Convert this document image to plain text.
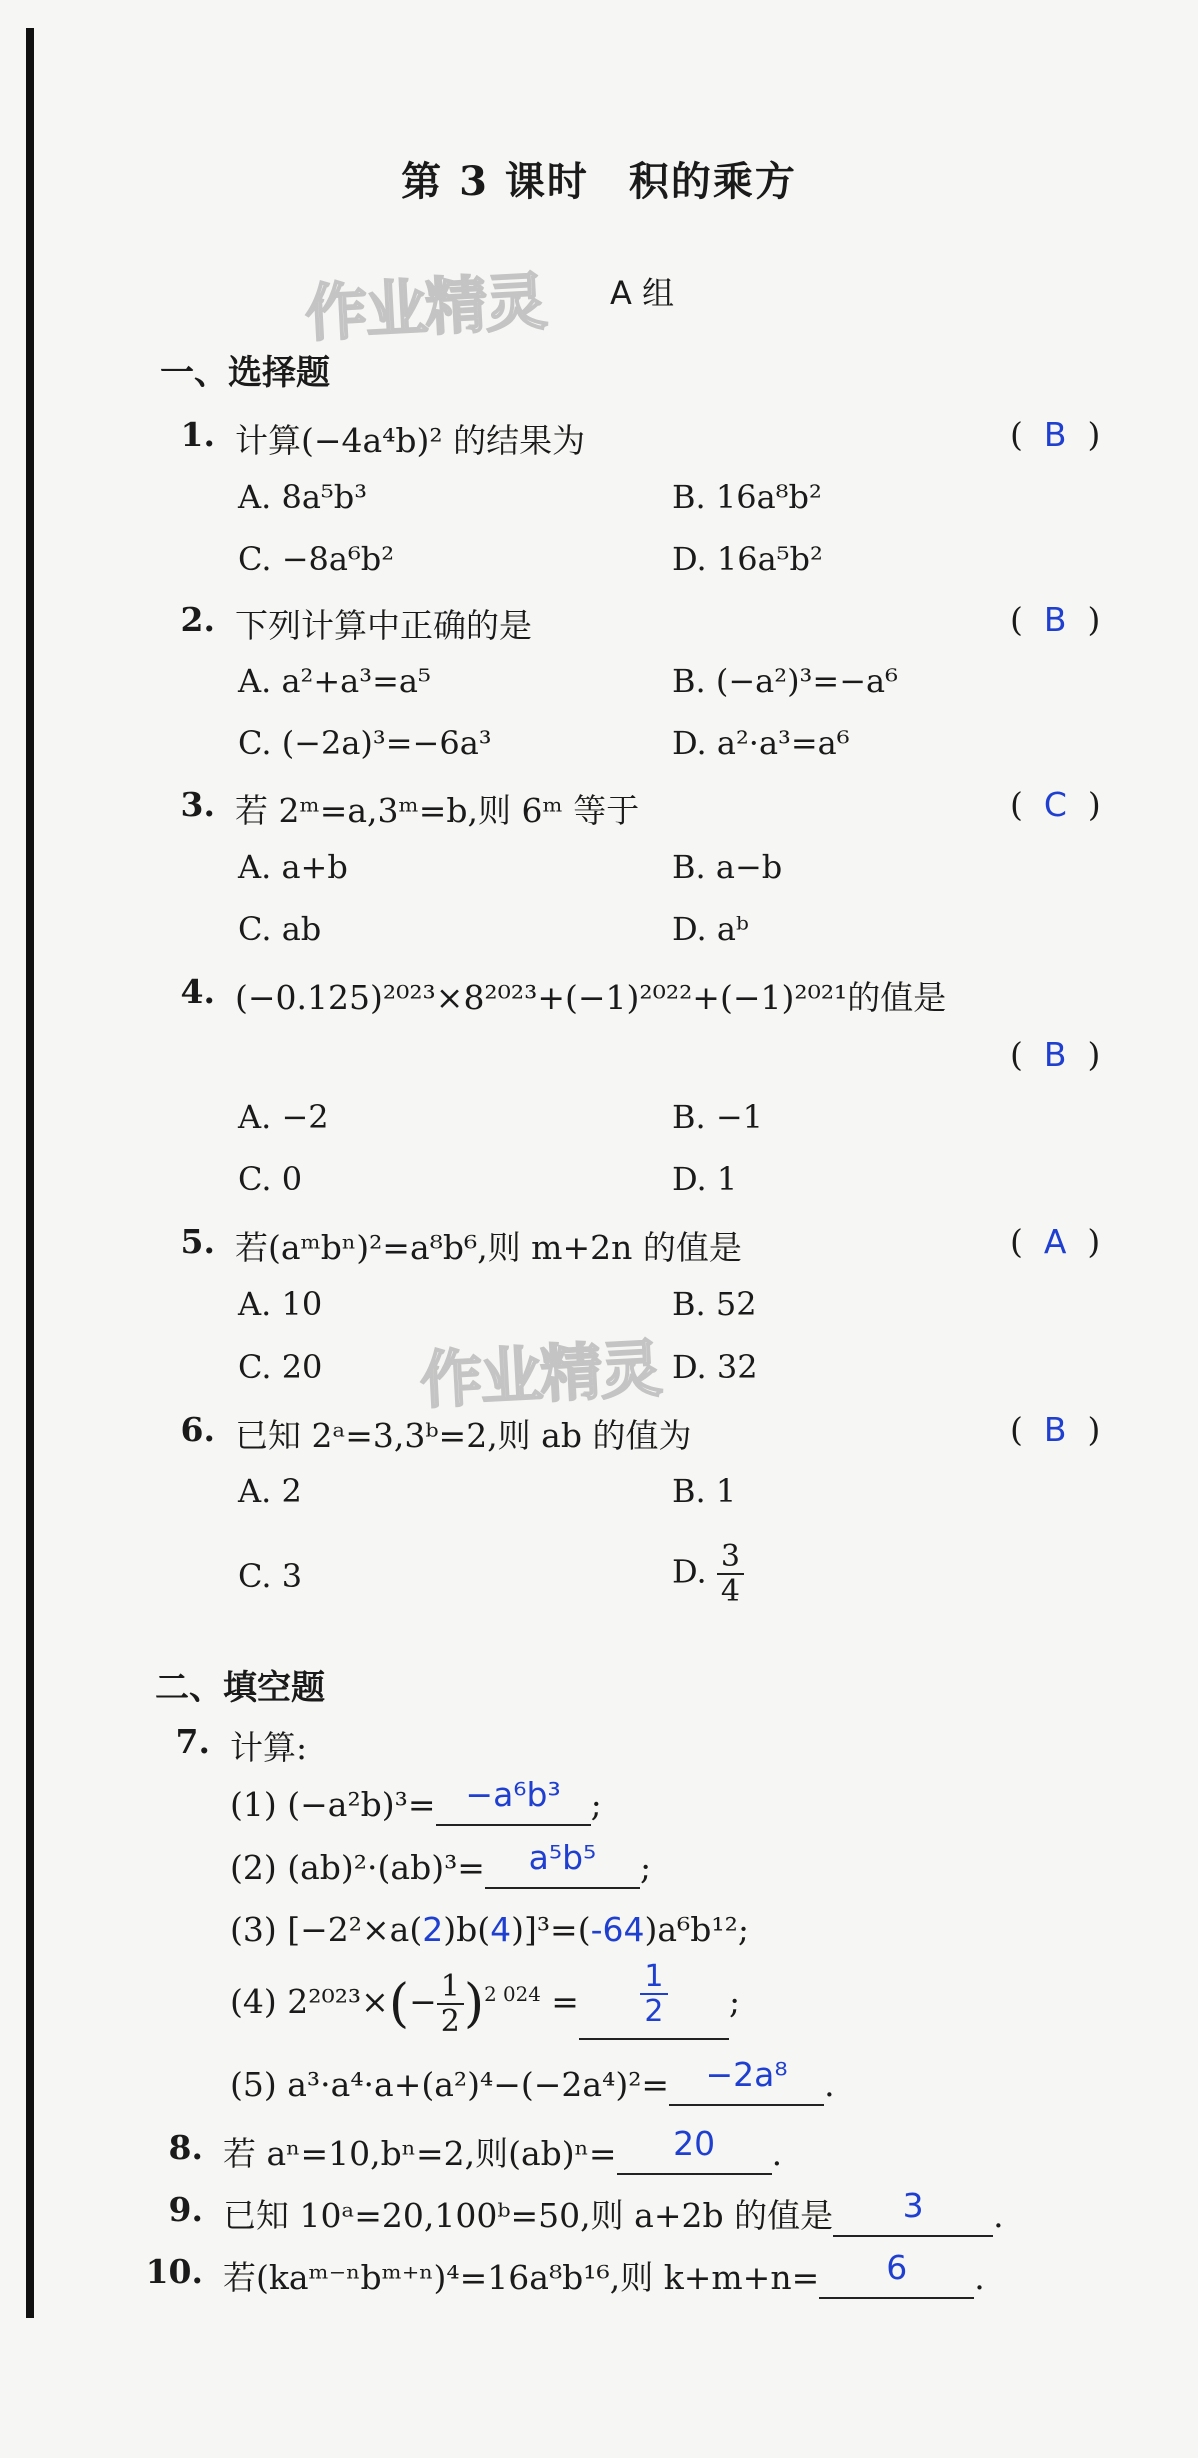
第 3 课时 积的乘方
作业精灵
作业精灵
A 组
一、选择题
1. 计算(−4a⁴b)² 的结果为	(  B  )
A. 8a⁵b³	B. 16a⁸b²
C. −8a⁶b²	D. 16a⁵b²
2. 下列计算中正确的是	(  B  )
A. a²+a³=a⁵	B. (−a²)³=−a⁶
C. (−2a)³=−6a³	D. a²·a³=a⁶
3. 若 2ᵐ=a,3ᵐ=b,则 6ᵐ 等于	(  C  )
A. a+b	B. a−b
C. ab	D. aᵇ
4. (−0.125)²⁰²³×8²⁰²³+(−1)²⁰²²+(−1)²⁰²¹的值是
(  B  )
A. −2	B. −1
C. 0	D. 1
5. 若(aᵐbⁿ)²=a⁸b⁶,则 m+2n 的值是	(  A  )
A. 10	B. 52
C. 20	D. 32
6. 已知 2ᵃ=3,3ᵇ=2,则 ab 的值为	(  B  )
A. 2	B. 1
C. 3	D. $\frac{3}{4}$
二、填空题
7. 计算:
(1) (−a²b)³= −a⁶b³ ;
(2) (ab)²·(ab)³= a⁵b⁵ ;
(3) [−2²×a(2)b(4)]³=(-64)a⁶b¹²;
(4) $2^{2023}\times(- \frac{1}{2} )^{2 024} = \frac{1}{2}$ ;
(5) a³·a⁴·a+(a²)⁴−(−2a⁴)²= −2a⁸ .
8. 若 aⁿ=10,bⁿ=2,则(ab)ⁿ= 20 .
9. 已知 10ᵃ=20,100ᵇ=50,则 a+2b 的值是 3 .
10. 若(kaᵐ⁻ⁿbᵐ⁺ⁿ)⁴=16a⁸b¹⁶,则 k+m+n= 6 .
